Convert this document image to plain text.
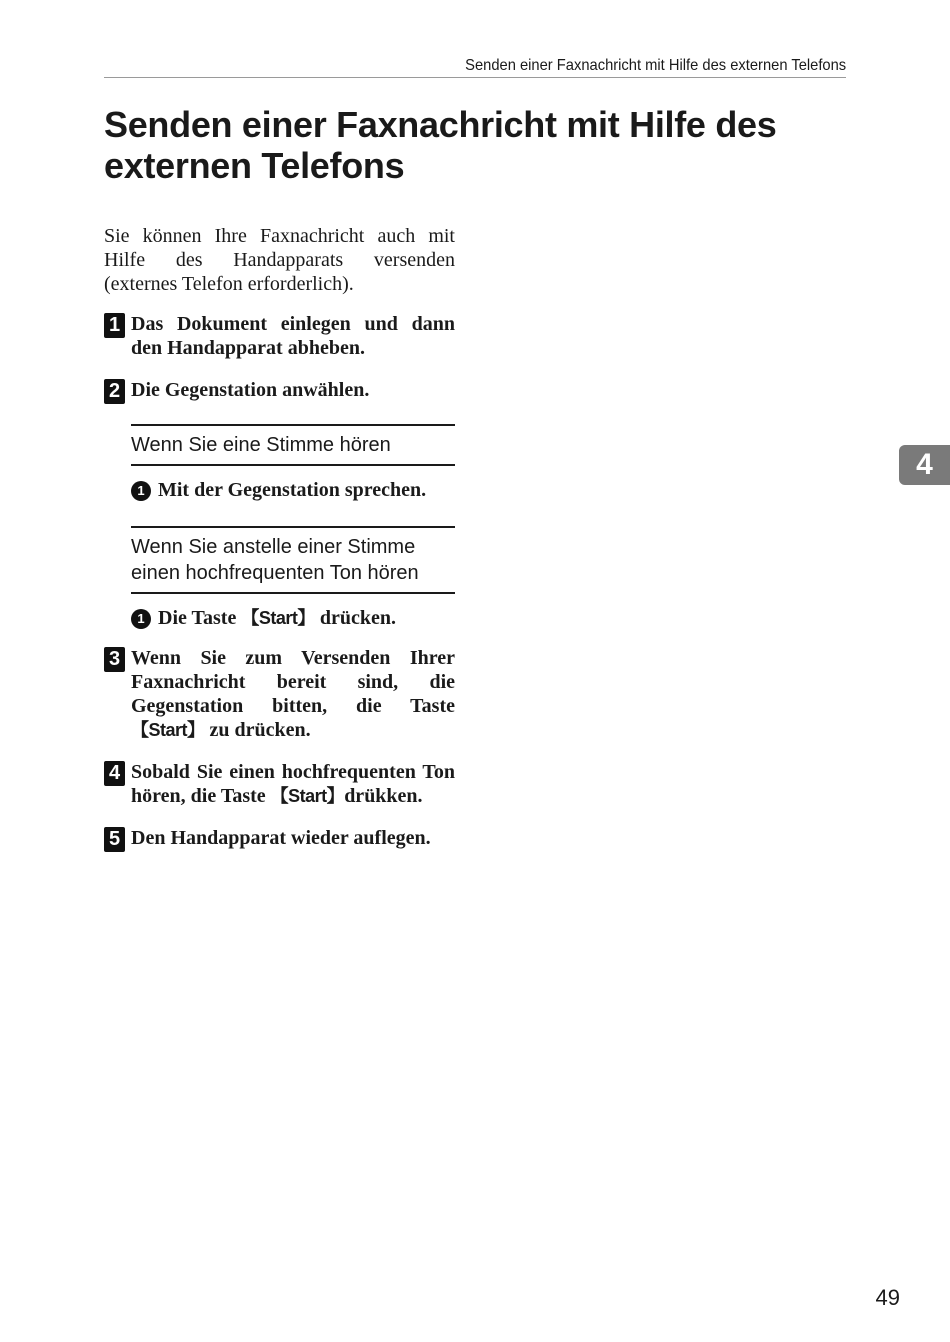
Senden einer Faxnachricht mit Hilfe des externen Telefons
Senden einer Faxnachricht mit Hilfe des
externen Telefons

Sie können Ihre Faxnachricht auch mit Hilfe des Handapparats versenden (externes Telefon erforderlich).

1 Das Dokument einlegen und dann den Handapparat abheben.
2 Die Gegenstation anwählen.
Wenn Sie eine Stimme hören
1 Mit der Gegenstation sprechen.
Wenn Sie anstelle einer Stimme
einen hochfrequenten Ton hören
1 Die Taste 【Start】 drücken.
3 Wenn Sie zum Versenden Ihrer Faxnachricht bereit sind, die Gegenstation bitten, die Taste 【Start】 zu drücken.
4 Sobald Sie einen hochfrequenten Ton hören, die Taste 【Start】drükken.
5 Den Handapparat wieder auflegen.
4
49
